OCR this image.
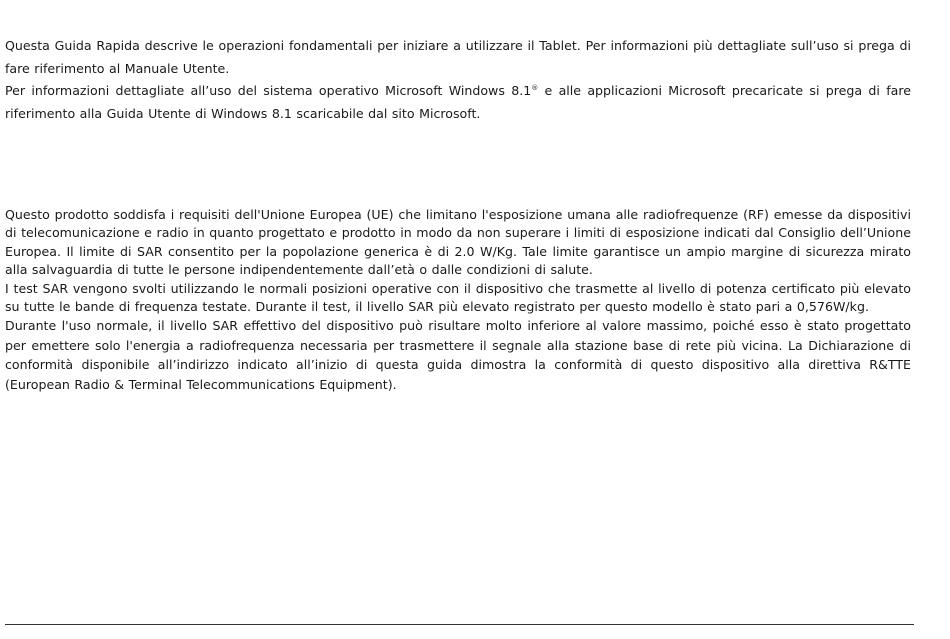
Questa Guida Rapida descrive le operazioni fondamentali per iniziare a utilizzare il Tablet. Per informazioni più dettagliate sull’uso si prega di fare riferimento al Manuale Utente.

Per informazioni dettagliate all’uso del sistema operativo Microsoft Windows 8.1® e alle applicazioni Microsoft precaricate si prega di fare riferimento alla Guida Utente di Windows 8.1 scaricabile dal sito Microsoft.

Questo prodotto soddisfa i requisiti dell'Unione Europea (UE) che limitano l'esposizione umana alle radiofrequenze (RF) emesse da dispositivi di telecomunicazione e radio in quanto progettato e prodotto in modo da non superare i limiti di esposizione indicati dal Consiglio dell’Unione Europea. Il limite di SAR consentito per la popolazione generica è di 2.0 W/Kg. Tale limite garantisce un ampio margine di sicurezza mirato alla salvaguardia di tutte le persone indipendentemente dall’età o dalle condizioni di salute.

I test SAR vengono svolti utilizzando le normali posizioni operative con il dispositivo che trasmette al livello di potenza certificato più elevato su tutte le bande di frequenza testate. Durante il test, il livello SAR più elevato registrato per questo modello è stato pari a 0,576W/kg.

Durante l'uso normale, il livello SAR effettivo del dispositivo può risultare molto inferiore al valore massimo, poiché esso è stato progettato per emettere solo l'energia a radiofrequenza necessaria per trasmettere il segnale alla stazione base di rete più vicina. La Dichiarazione di conformità disponibile all’indirizzo indicato all’inizio di questa guida dimostra la conformità di questo dispositivo alla direttiva R&TTE (European Radio & Terminal Telecommunications Equipment).
